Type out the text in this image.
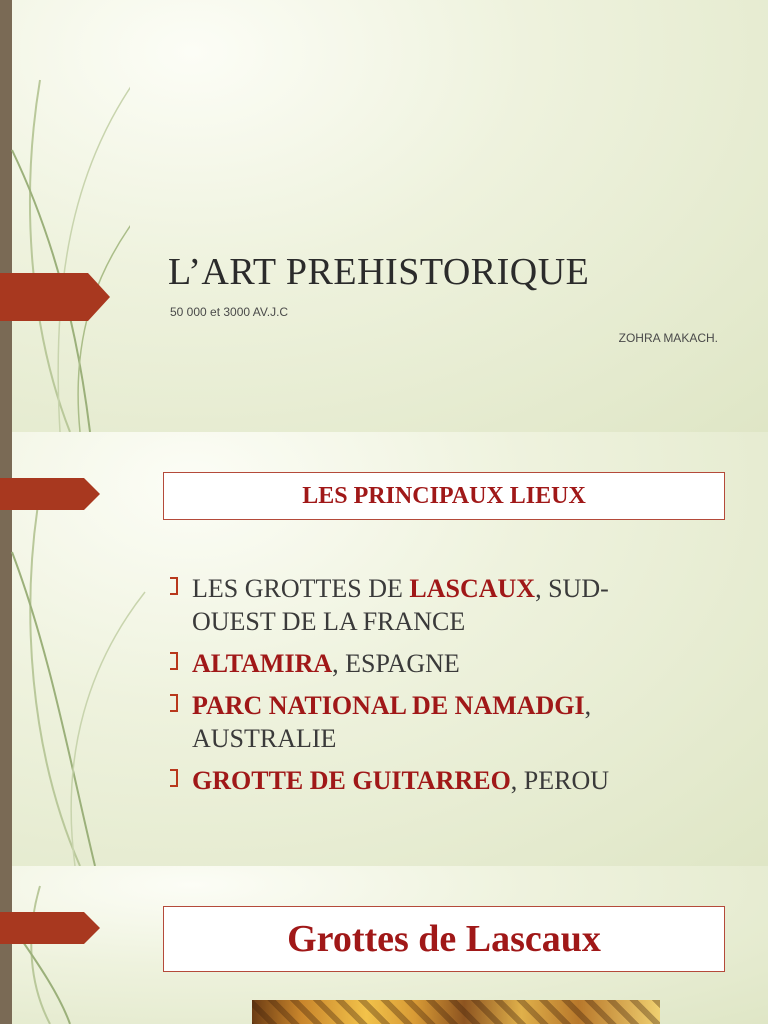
L’ART PREHISTORIQUE
50 000 et 3000 AV.J.C
ZOHRA MAKACH.
LES PRINCIPAUX LIEUX
LES GROTTES DE LASCAUX, SUD-OUEST DE LA FRANCE
ALTAMIRA, ESPAGNE
PARC NATIONAL DE NAMADGI, AUSTRALIE
GROTTE DE GUITARREO, PEROU
Grottes de Lascaux
